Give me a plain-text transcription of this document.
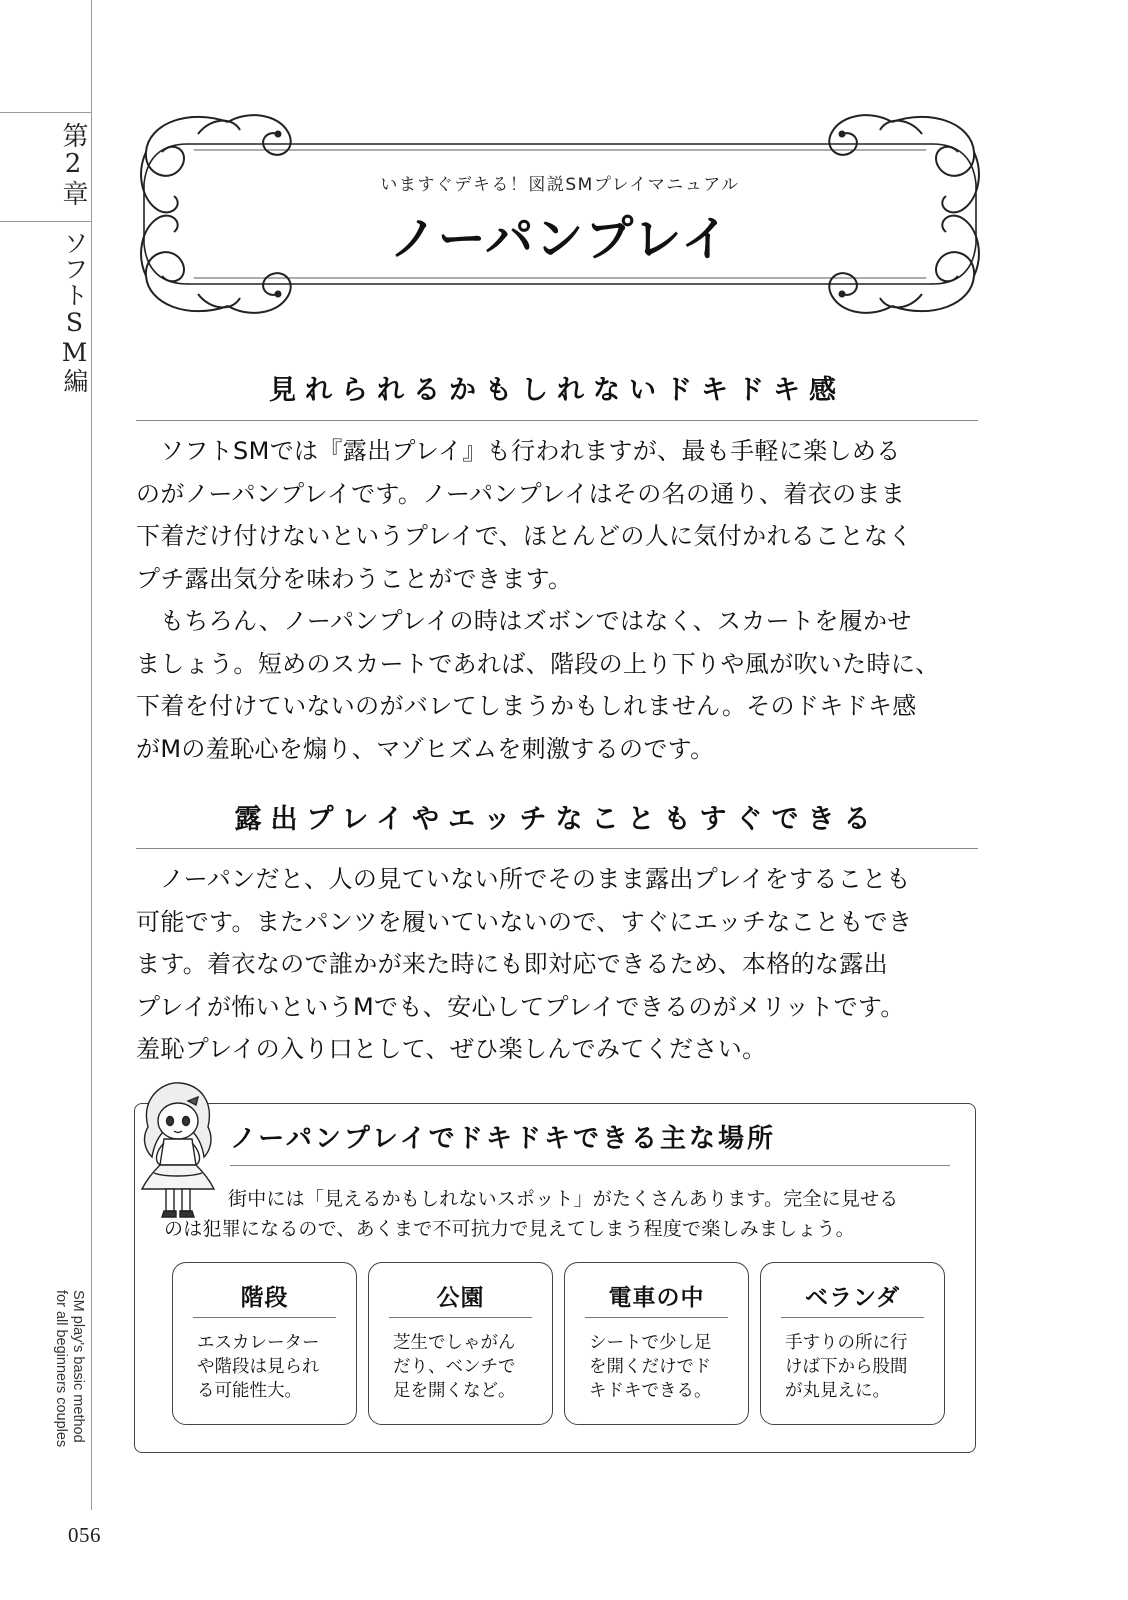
第2章
ソフトSM編
SM play's basic method for all beginners couples
056
いますぐデキる！図説SMプレイマニュアル
ノーパンプレイ
見れられるかもしれないドキドキ感

ソフトSMでは『露出プレイ』も行われますが、最も手軽に楽しめる
のがノーパンプレイです。ノーパンプレイはその名の通り、着衣のまま
下着だけ付けないというプレイで、ほとんどの人に気付かれることなく
プチ露出気分を味わうことができます。

もちろん、ノーパンプレイの時はズボンではなく、スカートを履かせ
ましょう。短めのスカートであれば、階段の上り下りや風が吹いた時に、
下着を付けていないのがバレてしまうかもしれません。そのドキドキ感
がMの羞恥心を煽り、マゾヒズムを刺激するのです。

露出プレイやエッチなこともすぐできる

ノーパンだと、人の見ていない所でそのまま露出プレイをすることも
可能です。またパンツを履いていないので、すぐにエッチなこともでき
ます。着衣なので誰かが来た時にも即対応できるため、本格的な露出
プレイが怖いというMでも、安心してプレイできるのがメリットです。
羞恥プレイの入り口として、ぜひ楽しんでみてください。

ノーパンプレイでドキドキできる主な場所
街中には「見えるかもしれないスポット」がたくさんあります。完全に見せる
のは犯罪になるので、あくまで不可抗力で見えてしまう程度で楽しみましょう。
階段
エスカレーター
や階段は見られ
る可能性大。
公園
芝生でしゃがん
だり、ベンチで
足を開くなど。
電車の中
シートで少し足
を開くだけでド
キドキできる。
ベランダ
手すりの所に行
けば下から股間
が丸見えに。
